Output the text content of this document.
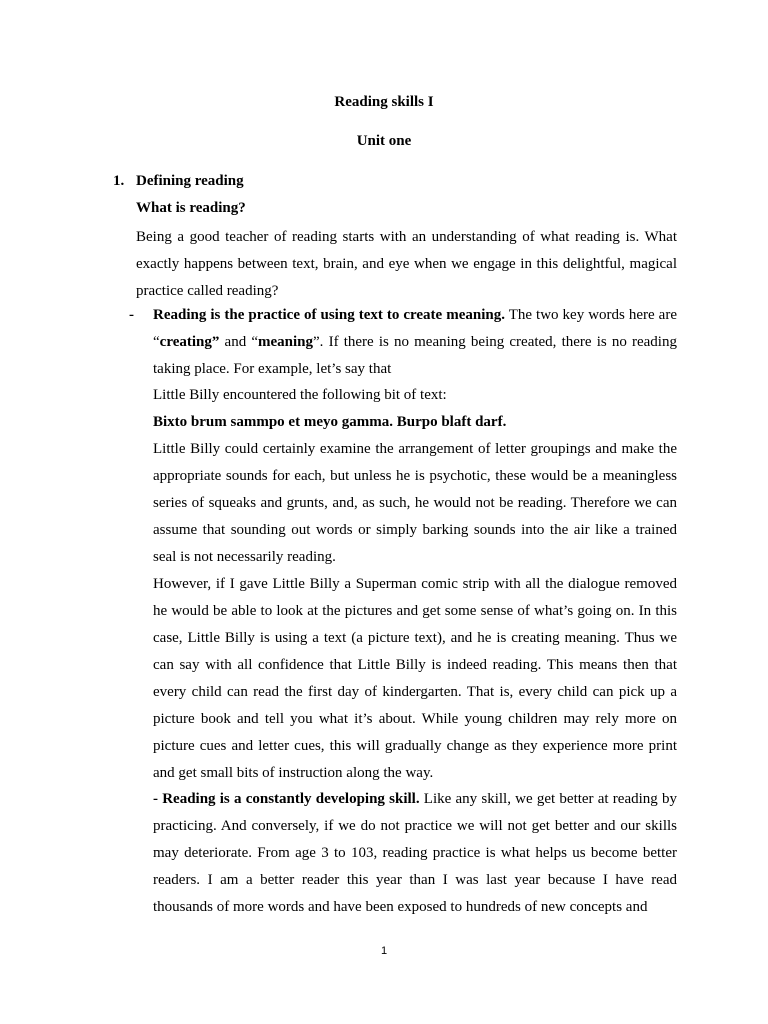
Reading skills I
Unit one
1. Defining reading
What is reading?

Being a good teacher of reading starts with an understanding of what reading is. What exactly happens between text, brain, and eye when we engage in this delightful, magical practice called reading?

- Reading is the practice of using text to create meaning. The two key words here are “creating” and “meaning”. If there is no meaning being created, there is no reading taking place. For example, let’s say that

Little Billy encountered the following bit of text:

Bixto brum sammpo et meyo gamma. Burpo blaft darf.

Little Billy could certainly examine the arrangement of letter groupings and make the appropriate sounds for each, but unless he is psychotic, these would be a meaningless series of squeaks and grunts, and, as such, he would not be reading. Therefore we can assume that sounding out words or simply barking sounds into the air like a trained seal is not necessarily reading.

However, if I gave Little Billy a Superman comic strip with all the dialogue removed he would be able to look at the pictures and get some sense of what’s going on. In this case, Little Billy is using a text (a picture text), and he is creating meaning. Thus we can say with all confidence that Little Billy is indeed reading. This means then that every child can read the first day of kindergarten. That is, every child can pick up a picture book and tell you what it’s about. While young children may rely more on picture cues and letter cues, this will gradually change as they experience more print and get small bits of instruction along the way.

- Reading is a constantly developing skill. Like any skill, we get better at reading by practicing. And conversely, if we do not practice we will not get better and our skills may deteriorate. From age 3 to 103, reading practice is what helps us become better readers. I am a better reader this year than I was last year because I have read thousands of more words and have been exposed to hundreds of new concepts and

1
